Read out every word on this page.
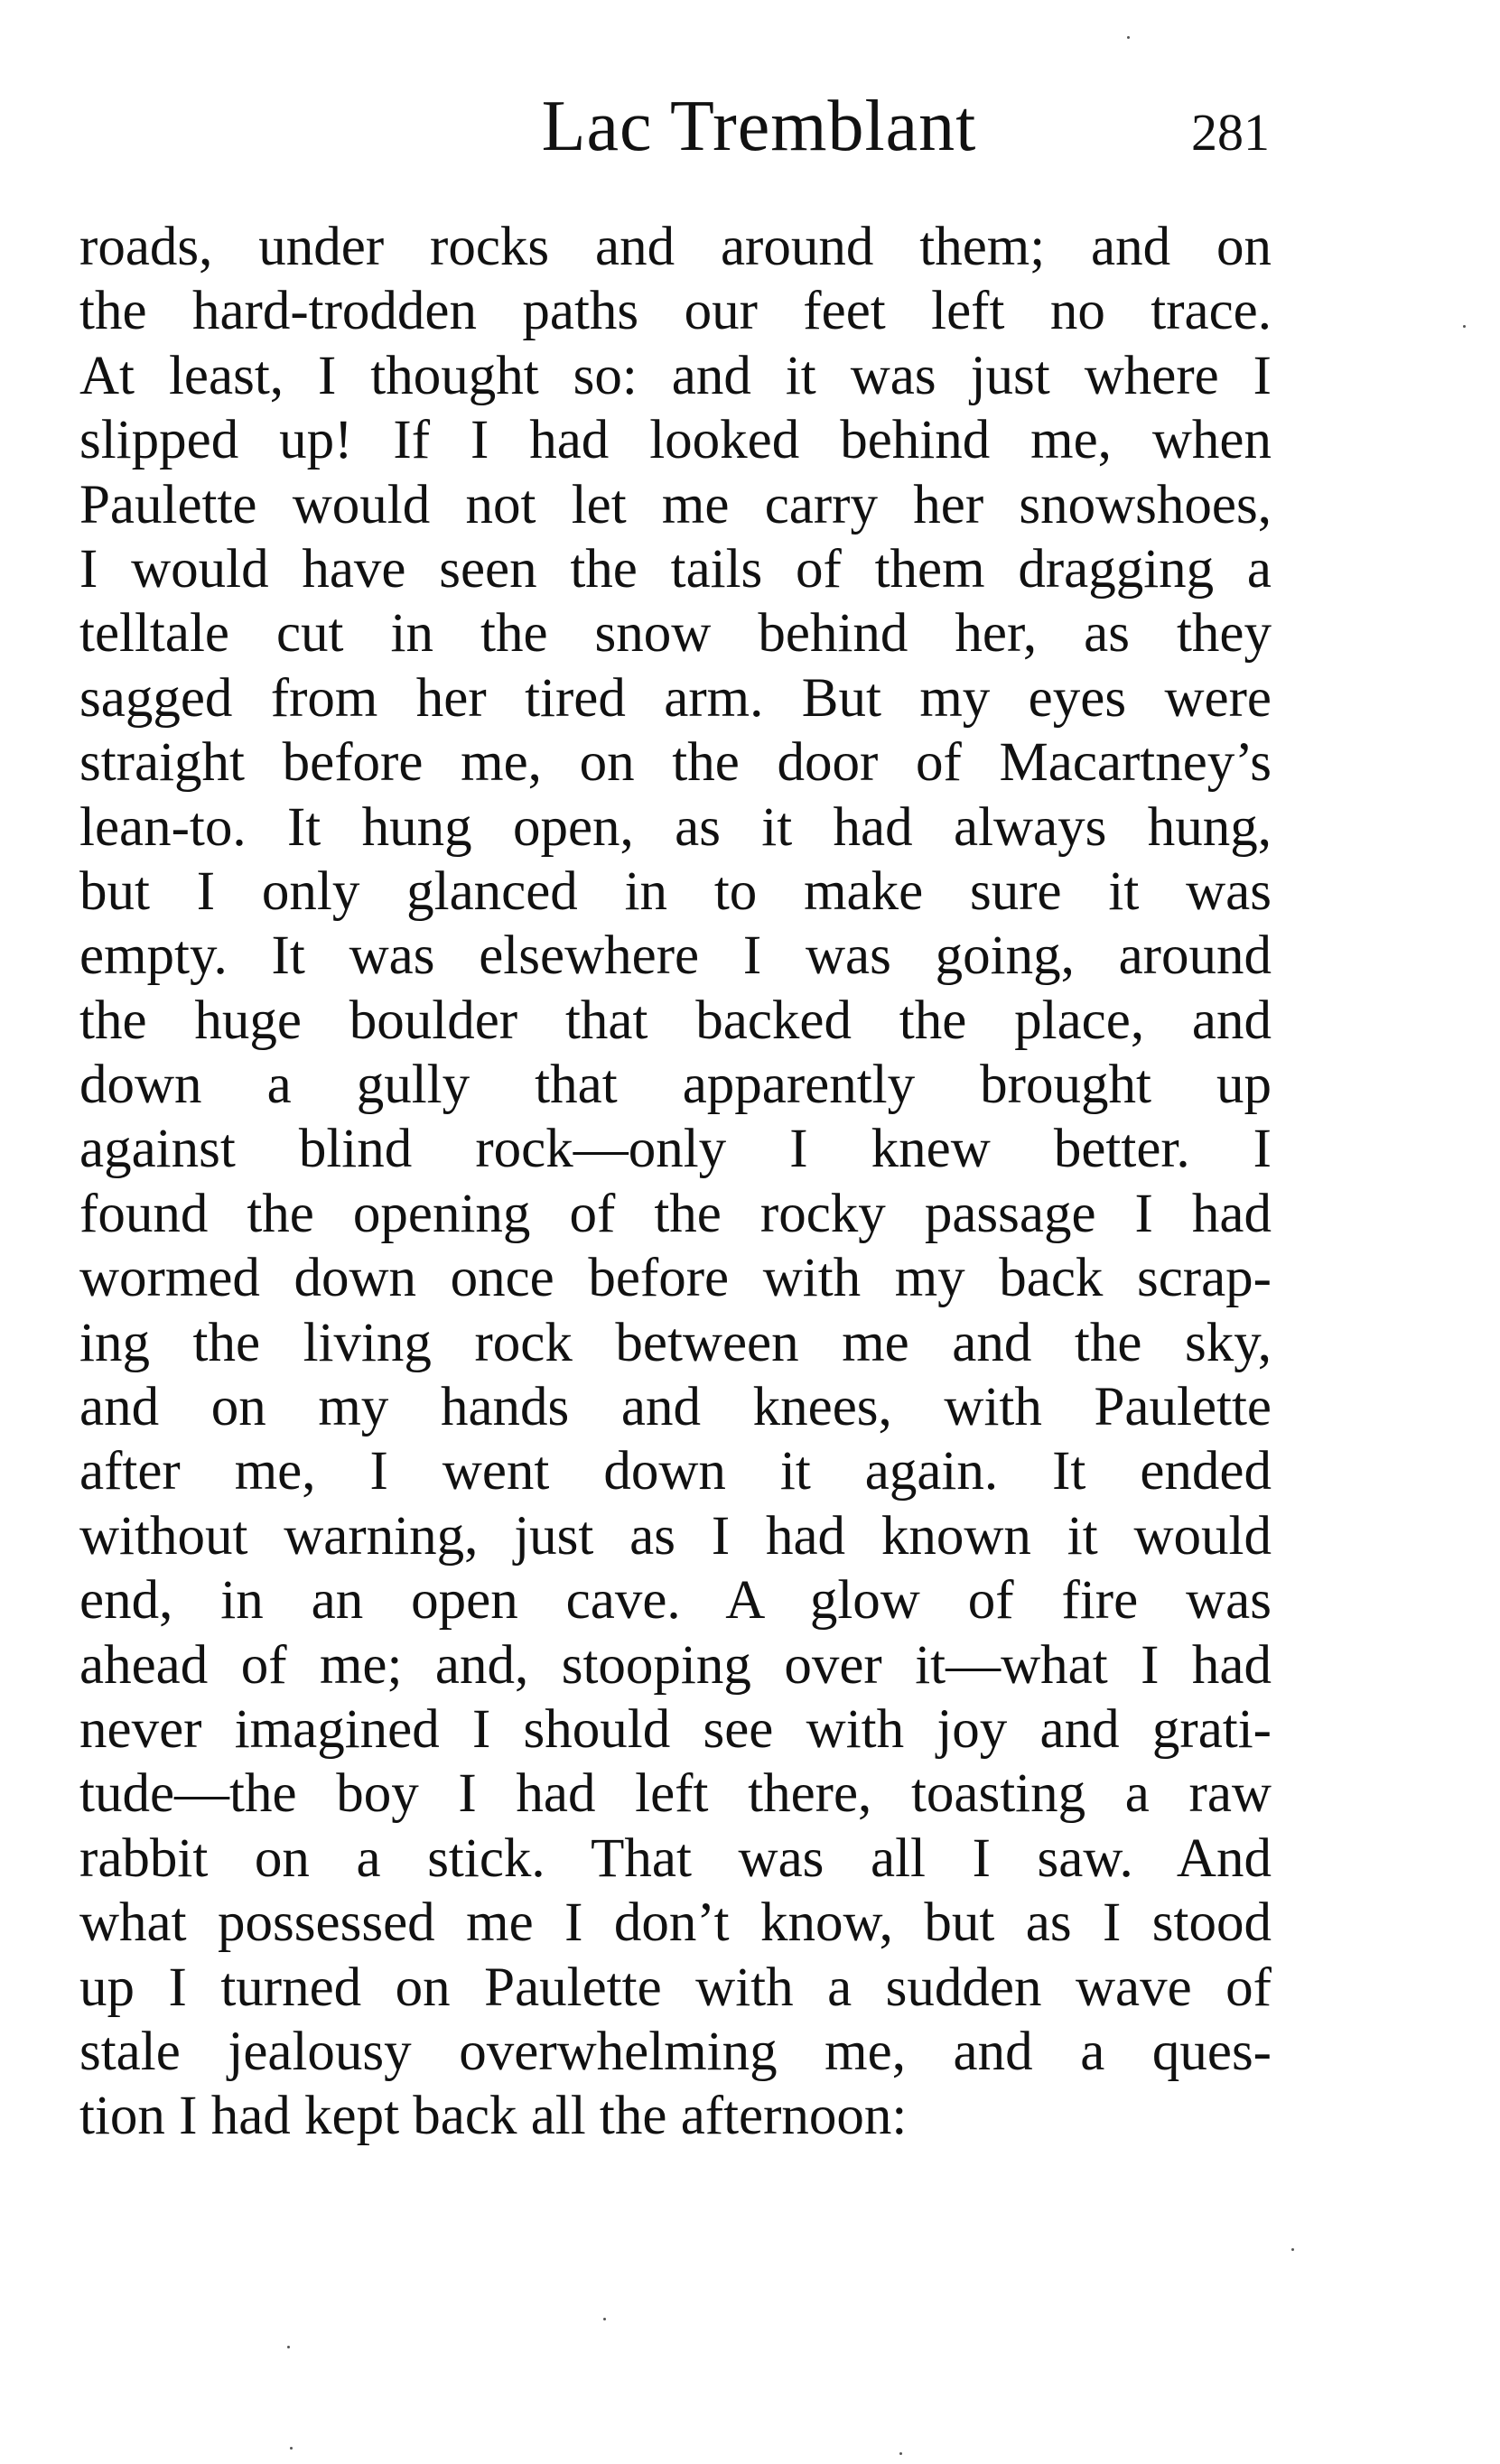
Lac Tremblant	281
roads, under rocks and around them; and on
the hard-trodden paths our feet left no trace.
At least, I thought so: and it was just where I
slipped up! If I had looked behind me, when
Paulette would not let me carry her snowshoes,
I would have seen the tails of them dragging a
telltale cut in the snow behind her, as they
sagged from her tired arm. But my eyes were
straight before me, on the door of Macartney’s
lean-to. It hung open, as it had always hung,
but I only glanced in to make sure it was
empty. It was elsewhere I was going, around
the huge boulder that backed the place, and
down a gully that apparently brought up
against blind rock—only I knew better. I
found the opening of the rocky passage I had
wormed down once before with my back scrap-
ing the living rock between me and the sky,
and on my hands and knees, with Paulette
after me, I went down it again. It ended
without warning, just as I had known it would
end, in an open cave. A glow of fire was
ahead of me; and, stooping over it—what I had
never imagined I should see with joy and grati-
tude—the boy I had left there, toasting a raw
rabbit on a stick. That was all I saw. And
what possessed me I don’t know, but as I stood
up I turned on Paulette with a sudden wave of
stale jealousy overwhelming me, and a ques-
tion I had kept back all the afternoon:
